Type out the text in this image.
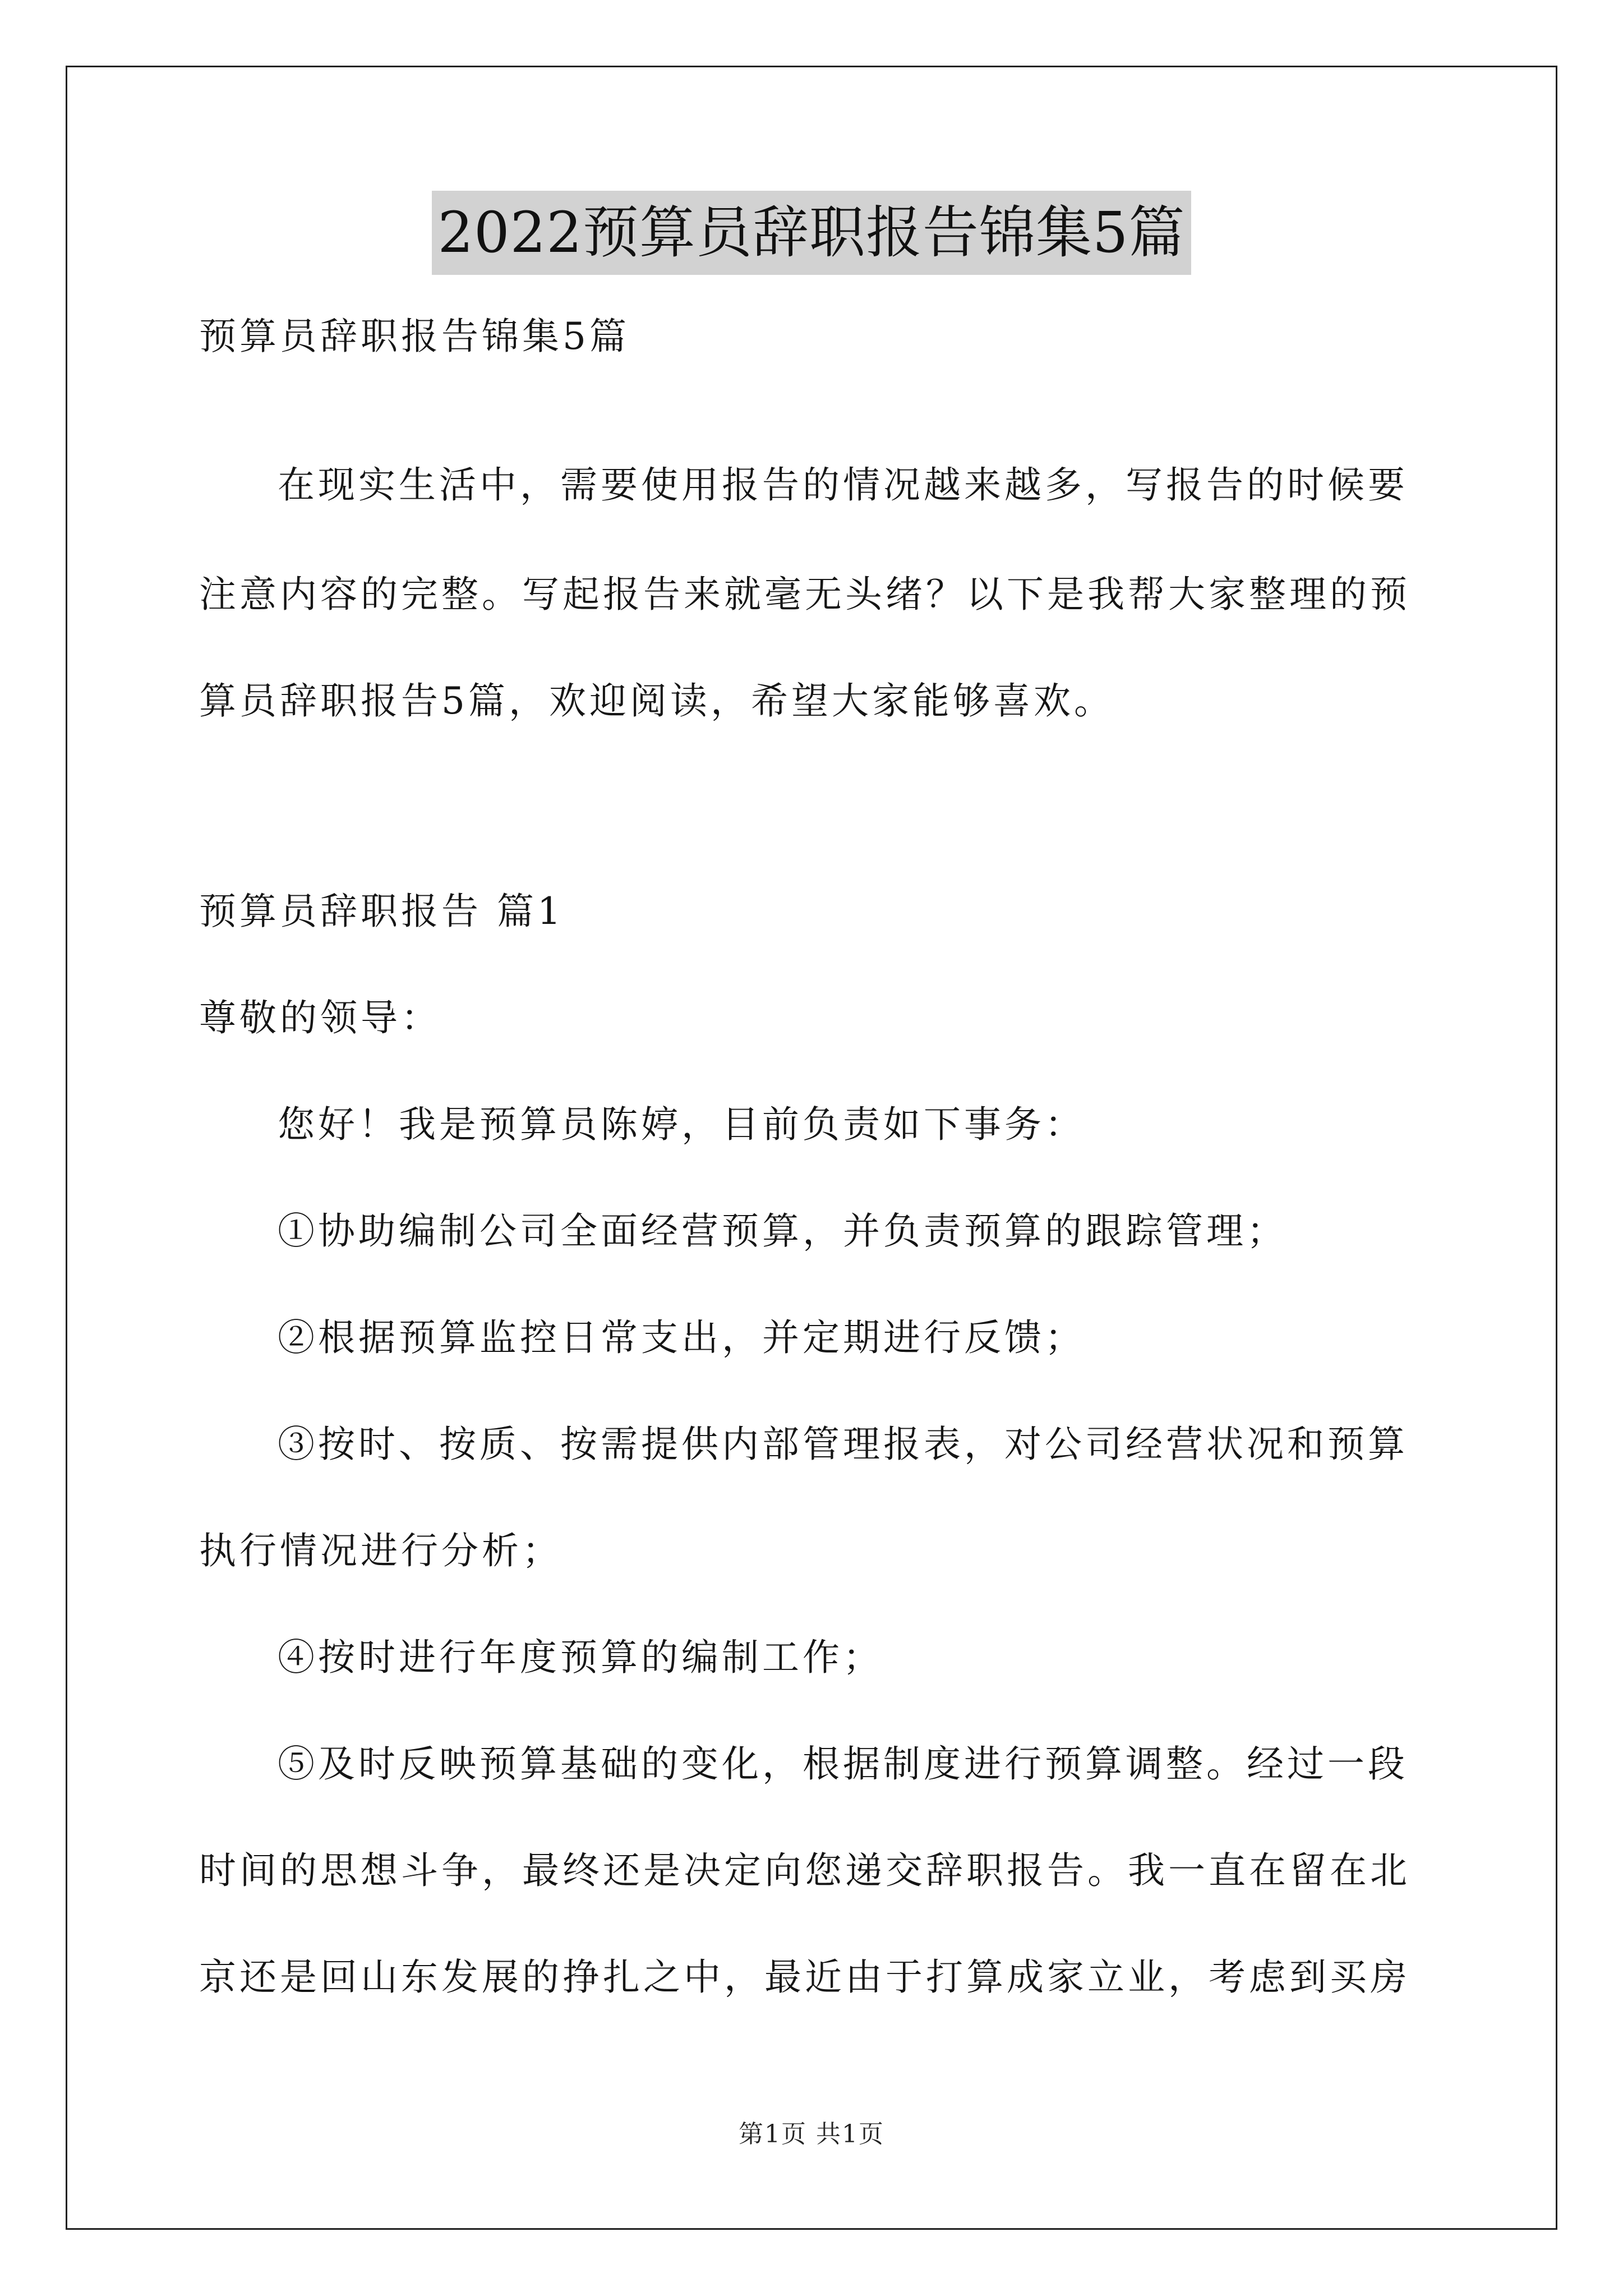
2022预算员辞职报告锦集5篇
预算员辞职报告锦集5篇
在现实生活中，需要使用报告的情况越来越多，写报告的时候要
注意内容的完整。写起报告来就毫无头绪？以下是我帮大家整理的预
算员辞职报告5篇，欢迎阅读，希望大家能够喜欢。
预算员辞职报告 篇1
尊敬的领导：
您好！我是预算员陈婷，目前负责如下事务：
①协助编制公司全面经营预算，并负责预算的跟踪管理；
②根据预算监控日常支出，并定期进行反馈；
③按时、按质、按需提供内部管理报表，对公司经营状况和预算
执行情况进行分析；
④按时进行年度预算的编制工作；
⑤及时反映预算基础的变化，根据制度进行预算调整。经过一段
时间的思想斗争，最终还是决定向您递交辞职报告。我一直在留在北
京还是回山东发展的挣扎之中，最近由于打算成家立业，考虑到买房
第1页 共1页
